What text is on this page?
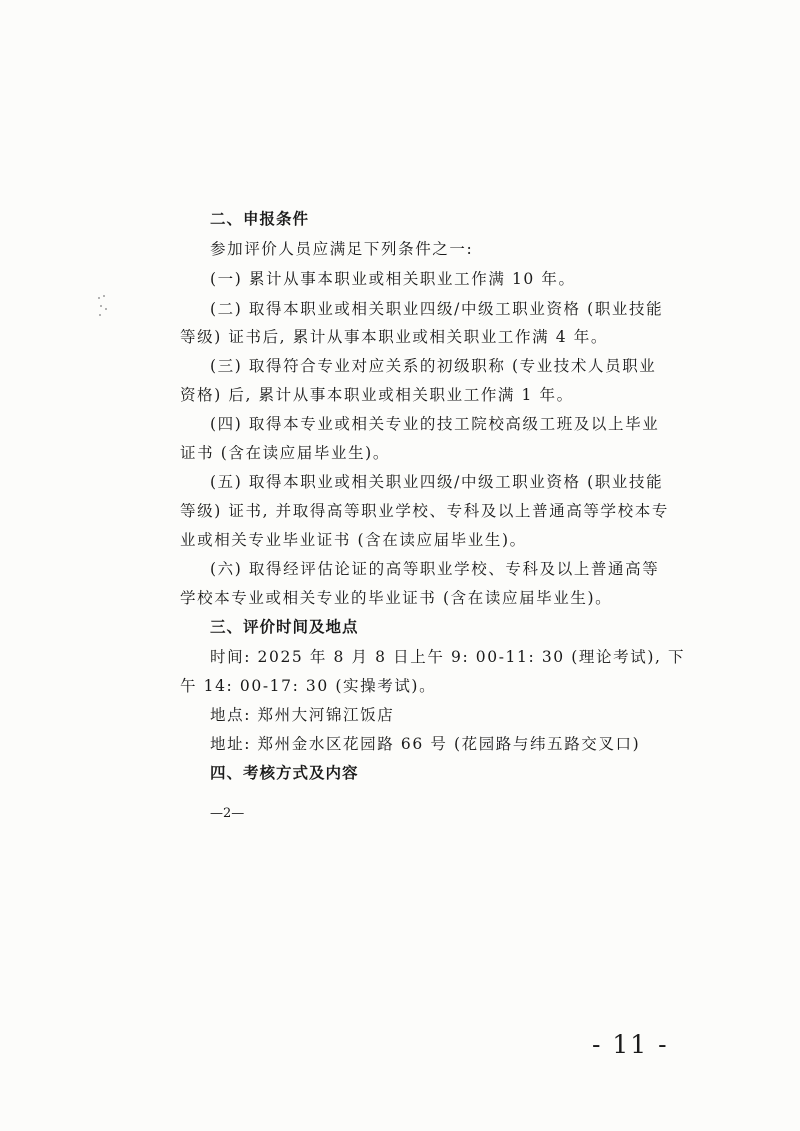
二、申报条件
参加评价人员应满足下列条件之一:
(一) 累计从事本职业或相关职业工作满 10 年。
(二) 取得本职业或相关职业四级/中级工职业资格 (职业技能
等级) 证书后, 累计从事本职业或相关职业工作满 4 年。
(三) 取得符合专业对应关系的初级职称 (专业技术人员职业
资格) 后, 累计从事本职业或相关职业工作满 1 年。
(四) 取得本专业或相关专业的技工院校高级工班及以上毕业
证书 (含在读应届毕业生)。
(五) 取得本职业或相关职业四级/中级工职业资格 (职业技能
等级) 证书, 并取得高等职业学校、专科及以上普通高等学校本专
业或相关专业毕业证书 (含在读应届毕业生)。
(六) 取得经评估论证的高等职业学校、专科及以上普通高等
学校本专业或相关专业的毕业证书 (含在读应届毕业生)。
三、评价时间及地点
时间: 2025 年 8 月 8 日上午 9: 00-11: 30 (理论考试), 下
午 14: 00-17: 30 (实操考试)。
地点: 郑州大河锦江饭店
地址: 郑州金水区花园路 66 号 (花园路与纬五路交叉口)
四、考核方式及内容
—2—
- 11 -
